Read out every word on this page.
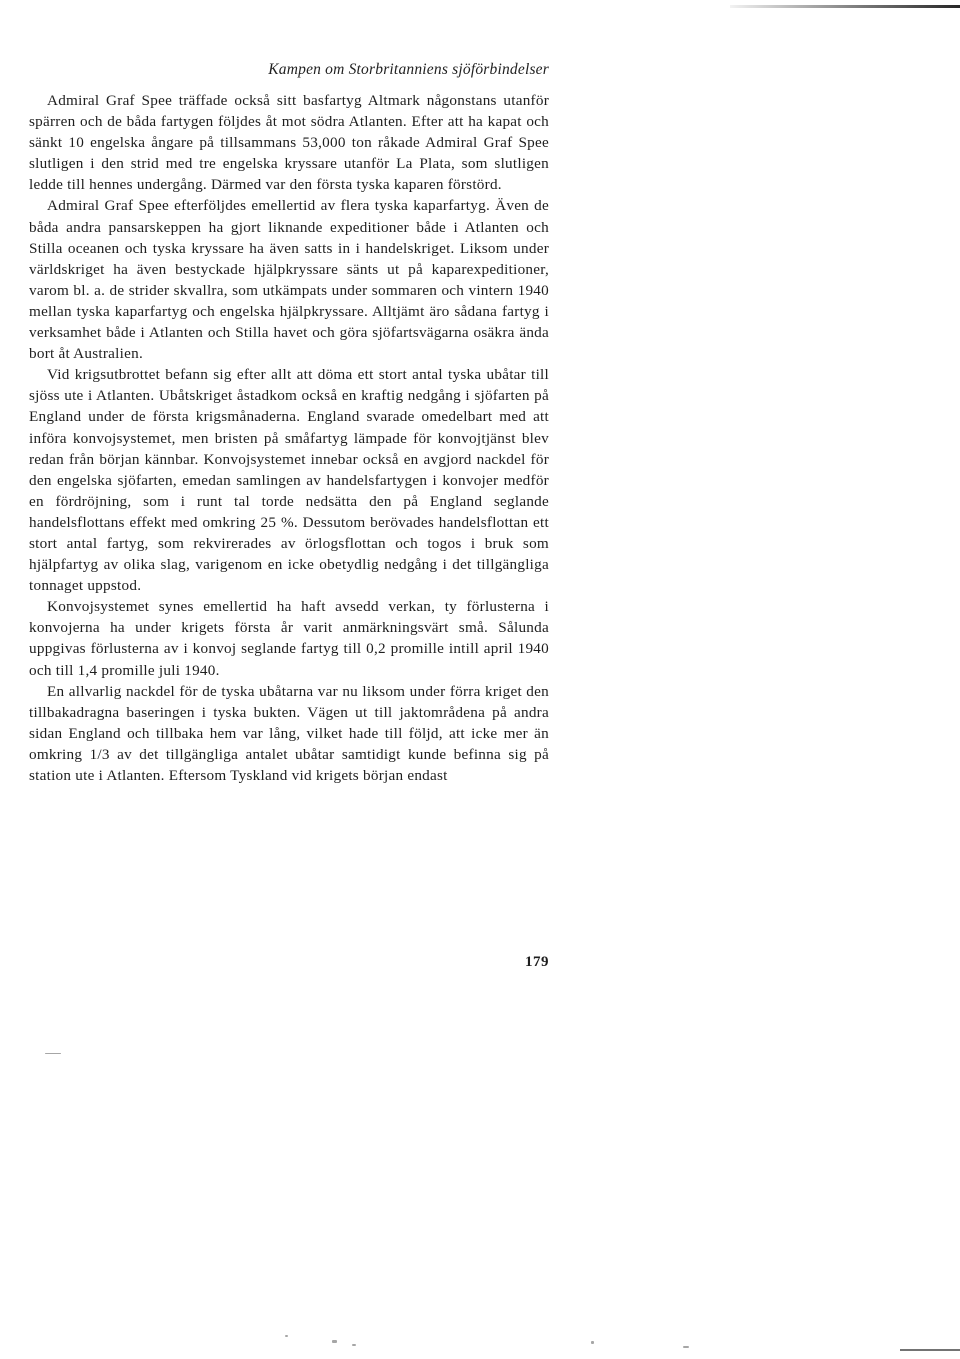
Kampen om Storbritanniens sjöförbindelser

Admiral Graf Spee träffade också sitt basfartyg Altmark någonstans utanför spärren och de båda fartygen följdes åt mot södra Atlanten. Efter att ha kapat och sänkt 10 engelska ångare på tillsammans 53,000 ton råkade Admiral Graf Spee slutligen i den strid med tre engelska kryssare utanför La Plata, som slutligen ledde till hennes undergång. Därmed var den första tyska kaparen förstörd.

Admiral Graf Spee efterföljdes emellertid av flera tyska kaparfartyg. Även de båda andra pansarskeppen ha gjort liknande expeditioner både i Atlanten och Stilla oceanen och tyska kryssare ha även satts in i handelskriget. Liksom under världskriget ha även bestyckade hjälpkryssare sänts ut på kaparexpeditioner, varom bl. a. de strider skvallra, som utkämpats under sommaren och vintern 1940 mellan tyska kaparfartyg och engelska hjälpkryssare. Alltjämt äro sådana fartyg i verksamhet både i Atlanten och Stilla havet och göra sjöfartsvägarna osäkra ända bort åt Australien.

Vid krigsutbrottet befann sig efter allt att döma ett stort antal tyska ubåtar till sjöss ute i Atlanten. Ubåtskriget åstadkom också en kraftig nedgång i sjöfarten på England under de första krigsmånaderna. England svarade omedelbart med att införa konvojsystemet, men bristen på småfartyg lämpade för konvojtjänst blev redan från början kännbar. Konvojsystemet innebar också en avgjord nackdel för den engelska sjöfarten, emedan samlingen av handelsfartygen i konvojer medför en fördröjning, som i runt tal torde nedsätta den på England seglande handelsflottans effekt med omkring 25 %. Dessutom berövades handelsflottan ett stort antal fartyg, som rekvirerades av örlogsflottan och togos i bruk som hjälpfartyg av olika slag, varigenom en icke obetydlig nedgång i det tillgängliga tonnaget uppstod.

Konvojsystemet synes emellertid ha haft avsedd verkan, ty förlusterna i konvojerna ha under krigets första år varit anmärkningsvärt små. Sålunda uppgivas förlusterna av i konvoj seglande fartyg till 0,2 promille intill april 1940 och till 1,4 promille juli 1940.

En allvarlig nackdel för de tyska ubåtarna var nu liksom under förra kriget den tillbakadragna baseringen i tyska bukten. Vägen ut till jaktområdena på andra sidan England och tillbaka hem var lång, vilket hade till följd, att icke mer än omkring 1/3 av det tillgängliga antalet ubåtar samtidigt kunde befinna sig på station ute i Atlanten. Eftersom Tyskland vid krigets början endast

179
